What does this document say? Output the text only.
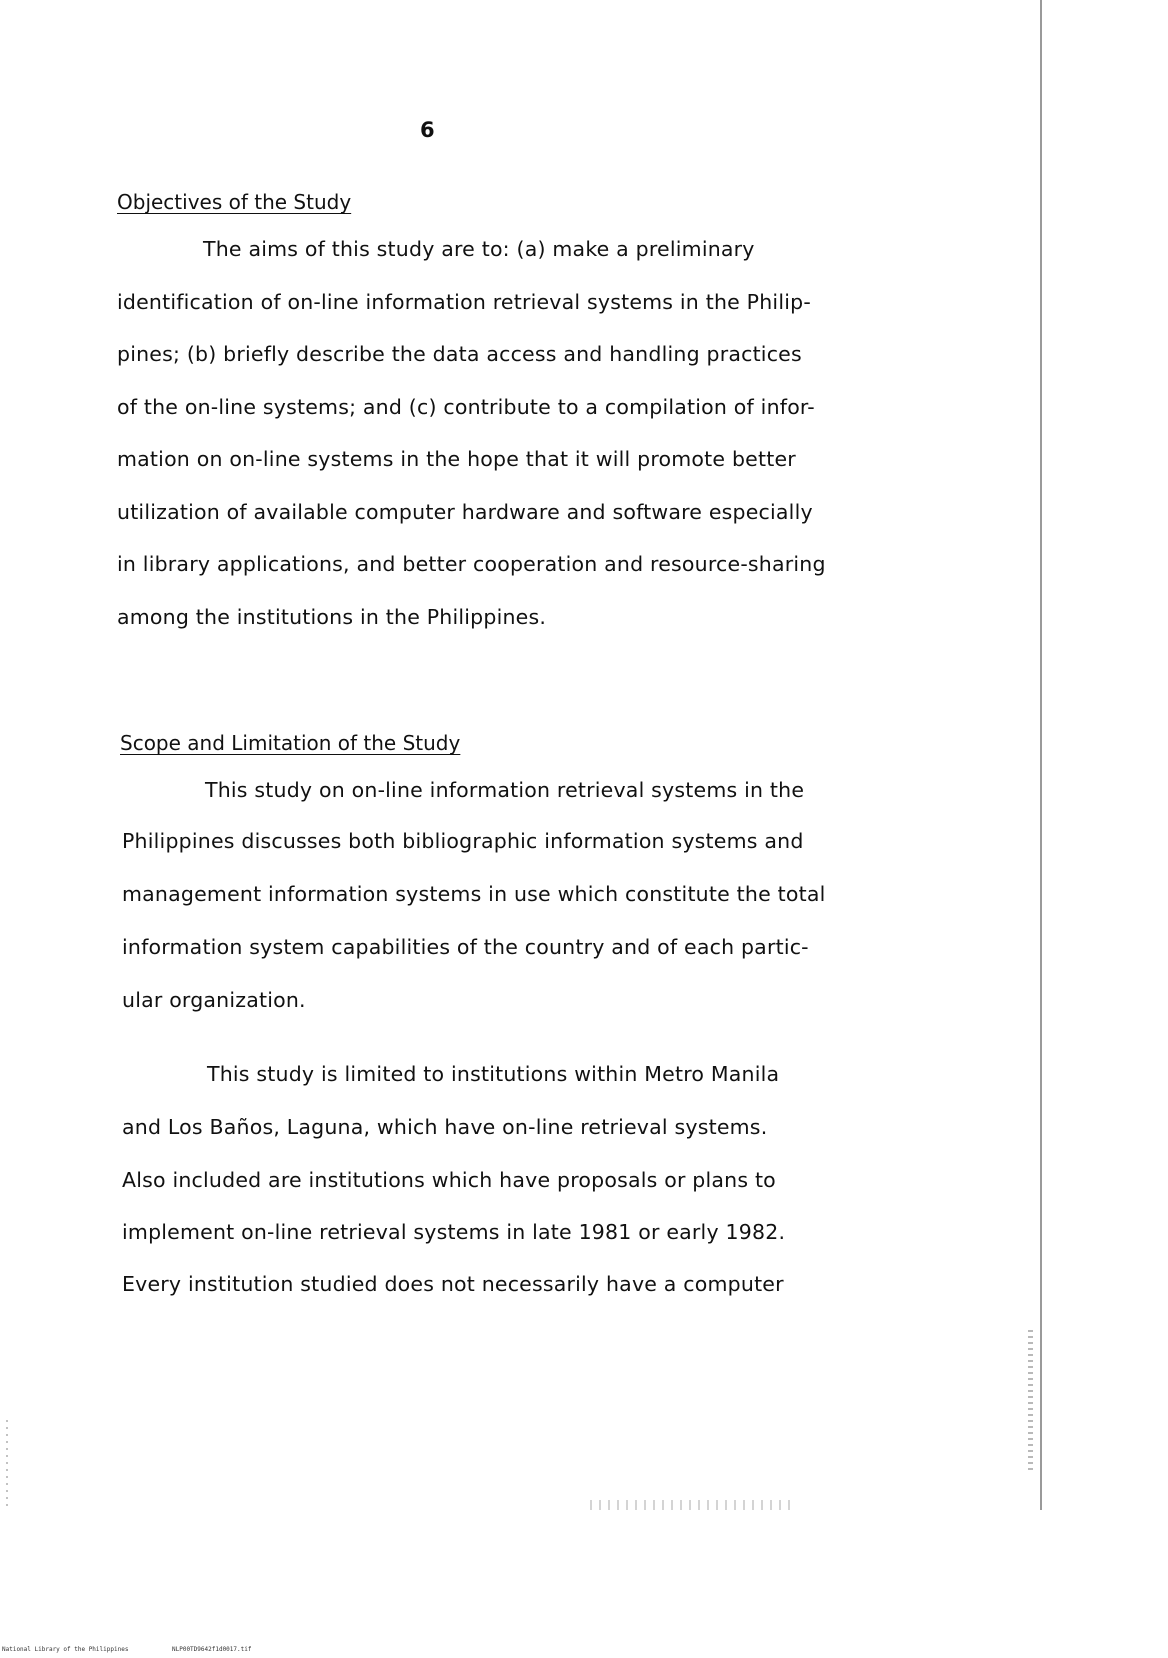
6
Objectives of the Study
The aims of this study are to: (a) make a preliminary
identification of on-line information retrieval systems in the Philip-
pines; (b) briefly describe the data access and handling practices
of the on-line systems; and (c) contribute to a compilation of infor-
mation on on-line systems in the hope that it will promote better
utilization of available computer hardware and software especially
in library applications, and better cooperation and resource-sharing
among the institutions in the Philippines.
Scope and Limitation of the Study
This study on on-line information retrieval systems in the
Philippines discusses both bibliographic information systems and
management information systems in use which constitute the total
information system capabilities of the country and of each partic-
ular organization.
This study is limited to institutions within Metro Manila
and Los Baños, Laguna, which have on-line retrieval systems.
Also included are institutions which have proposals or plans to
implement on-line retrieval systems in late 1981 or early 1982.
Every institution studied does not necessarily have a computer
National Library of the Philippines	NLP00TD9642f1d0017.tif
